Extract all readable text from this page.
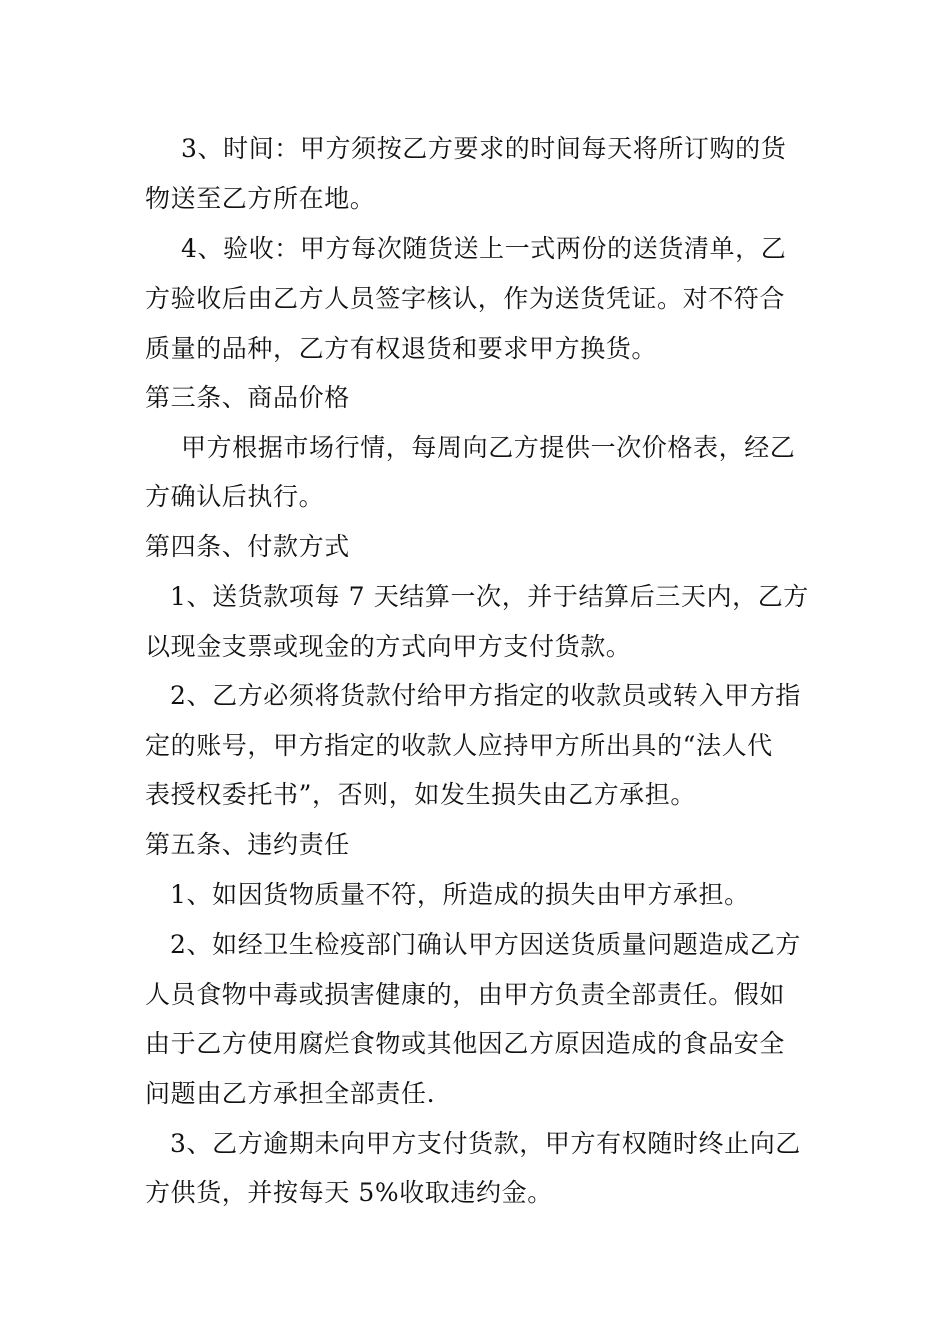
3、时间：甲方须按乙方要求的时间每天将所订购的货
物送至乙方所在地。
4、验收：甲方每次随货送上一式两份的送货清单，乙
方验收后由乙方人员签字核认，作为送货凭证。对不符合
质量的品种，乙方有权退货和要求甲方换货。
第三条、商品价格
甲方根据市场行情，每周向乙方提供一次价格表，经乙
方确认后执行。
第四条、付款方式
1、送货款项每 7 天结算一次，并于结算后三天内，乙方
以现金支票或现金的方式向甲方支付货款。
2、乙方必须将货款付给甲方指定的收款员或转入甲方指
定的账号，甲方指定的收款人应持甲方所出具的“法人代
表授权委托书”，否则，如发生损失由乙方承担。
第五条、违约责任
1、如因货物质量不符，所造成的损失由甲方承担。
2、如经卫生检疫部门确认甲方因送货质量问题造成乙方
人员食物中毒或损害健康的，由甲方负责全部责任。假如
由于乙方使用腐烂食物或其他因乙方原因造成的食品安全
问题由乙方承担全部责任.
3、乙方逾期未向甲方支付货款，甲方有权随时终止向乙
方供货，并按每天 5%收取违约金。
